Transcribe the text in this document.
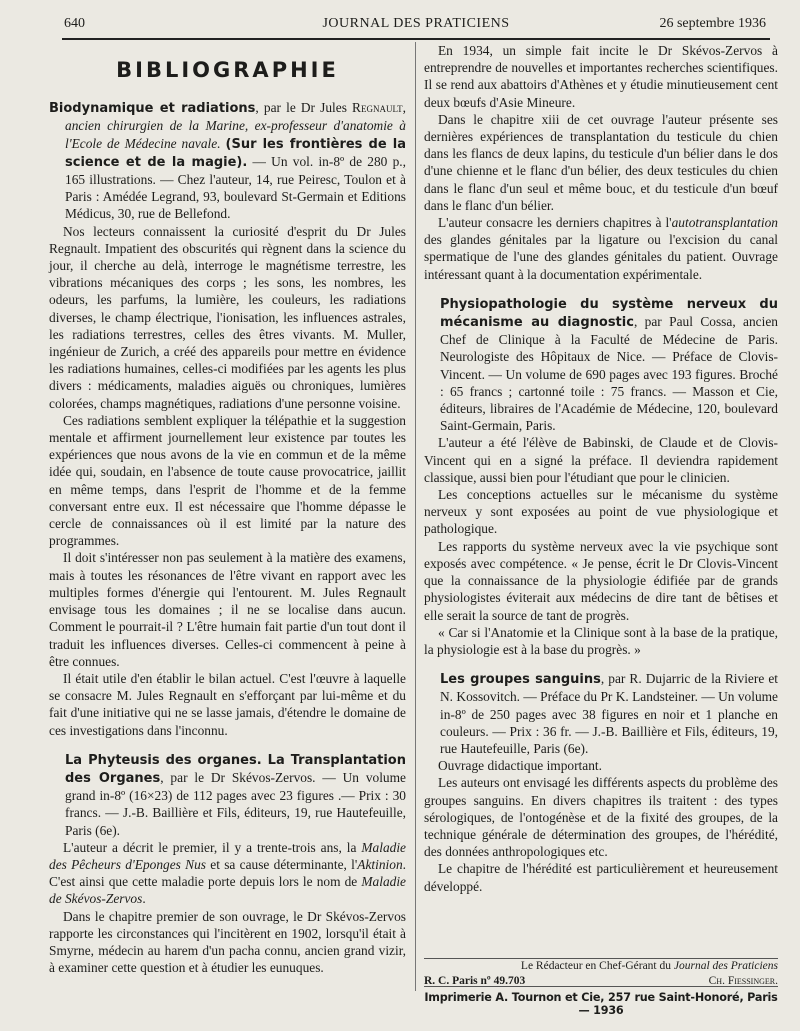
640	JOURNAL DES PRATICIENS	26 septembre 1936
BIBLIOGRAPHIE

Biodynamique et radiations, par le Dr Jules Regnault, ancien chirurgien de la Marine, ex-professeur d'anatomie à l'Ecole de Médecine navale. (Sur les frontières de la science et de la magie). — Un vol. in-8º de 280 p., 165 illustrations. — Chez l'auteur, 14, rue Peiresc, Toulon et à Paris : Amédée Legrand, 93, boulevard St-Germain et Editions Médicus, 30, rue de Bellefond.

Nos lecteurs connaissent la curiosité d'esprit du Dr Jules Regnault. Impatient des obscurités qui règnent dans la science du jour, il cherche au delà, interroge le magnétisme terrestre, les vibrations mécaniques des corps ; les sons, les nombres, les odeurs, les parfums, la lumière, les couleurs, les radiations diverses, le champ électrique, l'ionisation, les influences astrales, les radiations terrestres, celles des êtres vivants. M. Muller, ingénieur de Zurich, a créé des appareils pour mettre en évidence les radiations humaines, celles-ci modifiées par les agents les plus divers : médicaments, maladies aiguës ou chroniques, lumières colorées, champs magnétiques, radiations d'une personne voisine.

Ces radiations semblent expliquer la télépathie et la suggestion mentale et affirment journellement leur existence par toutes les expériences que nous avons de la vie en commun et de la même idée qui, soudain, en l'absence de toute cause provocatrice, jaillit en même temps, dans l'esprit de l'homme et de la femme conversant entre eux. Il est nécessaire que l'homme dépasse le cercle de connaissances où il est limité par la nature des programmes.

Il doit s'intéresser non pas seulement à la matière des examens, mais à toutes les résonances de l'être vivant en rapport avec les multiples formes d'énergie qui l'entourent. M. Jules Regnault envisage tous les domaines ; il ne se localise dans aucun. Comment le pourrait-il ? L'être humain fait partie d'un tout dont il traduit les influences diverses. Celles-ci commencent à peine à être connues.

Il était utile d'en établir le bilan actuel. C'est l'œuvre à laquelle se consacre M. Jules Regnault en s'efforçant par lui-même et du fait d'une initiative qui ne se lasse jamais, d'étendre le domaine de ces investigations dans l'inconnu.

La Phyteusis des organes. La Transplantation des Organes, par le Dr Skévos-Zervos. — Un volume grand in-8º (16×23) de 112 pages avec 23 figures .— Prix : 30 francs. — J.-B. Baillière et Fils, éditeurs, 19, rue Hautefeuille, Paris (6e).

L'auteur a décrit le premier, il y a trente-trois ans, la Maladie des Pêcheurs d'Eponges Nus et sa cause déterminante, l'Aktinion. C'est ainsi que cette maladie porte depuis lors le nom de Maladie de Skévos-Zervos.

Dans le chapitre premier de son ouvrage, le Dr Skévos-Zervos rapporte les circonstances qui l'incitèrent en 1902, lorsqu'il était à Smyrne, médecin au harem d'un pacha connu, ancien grand vizir, à examiner cette question et à étudier les eunuques.

En 1934, un simple fait incite le Dr Skévos-Zervos à entreprendre de nouvelles et importantes recherches scientifiques. Il se rend aux abattoirs d'Athènes et y étudie minutieusement cent deux bœufs d'Asie Mineure.

Dans le chapitre xiii de cet ouvrage l'auteur présente ses dernières expériences de transplantation du testicule du chien dans les flancs de deux lapins, du testicule d'un bélier dans le dos d'une chienne et le flanc d'un bélier, des deux testicules du chien dans le flanc d'un seul et même bouc, et du testicule d'un bœuf dans le flanc d'un bélier.

L'auteur consacre les derniers chapitres à l'autotransplantation des glandes génitales par la ligature ou l'excision du canal spermatique de l'une des glandes génitales du patient. Ouvrage intéressant quant à la documentation expérimentale.

Physiopathologie du système nerveux du mécanisme au diagnostic, par Paul Cossa, ancien Chef de Clinique à la Faculté de Médecine de Paris. Neurologiste des Hôpitaux de Nice. — Préface de Clovis-Vincent. — Un volume de 690 pages avec 193 figures. Broché : 65 francs ; cartonné toile : 75 francs. — Masson et Cie, éditeurs, libraires de l'Académie de Médecine, 120, boulevard Saint-Germain, Paris.

L'auteur a été l'élève de Babinski, de Claude et de Clovis-Vincent qui en a signé la préface. Il deviendra rapidement classique, aussi bien pour l'étudiant que pour le clinicien.

Les conceptions actuelles sur le mécanisme du système nerveux y sont exposées au point de vue physiologique et pathologique.

Les rapports du système nerveux avec la vie psychique sont exposés avec compétence. « Je pense, écrit le Dr Clovis-Vincent que la connaissance de la physiologie édifiée par de grands physiologistes éviterait aux médecins de dire tant de bêtises et elle serait la source de tant de progrès.

« Car si l'Anatomie et la Clinique sont à la base de la pratique, la physiologie est à la base du progrès. »

Les groupes sanguins, par R. Dujarric de la Riviere et N. Kossovitch. — Préface du Pr K. Landsteiner. — Un volume in-8º de 250 pages avec 38 figures en noir et 1 planche en couleurs. — Prix : 36 fr. — J.-B. Baillière et Fils, éditeurs, 19, rue Hautefeuille, Paris (6e).

Ouvrage didactique important.

Les auteurs ont envisagé les différents aspects du problème des groupes sanguins. En divers chapitres ils traitent : des types sérologiques, de l'ontogénèse et de la fixité des groupes, de la technique générale de détermination des groupes, de l'hérédité, des données anthropologiques etc.

Le chapitre de l'hérédité est particulièrement et heureusement développé.

Le Rédacteur en Chef-Gérant du Journal des Praticiens
R. C. Paris nº 49.703	Ch. Fiessinger.
Imprimerie A. Tournon et Cie, 257 rue Saint-Honoré, Paris — 1936
